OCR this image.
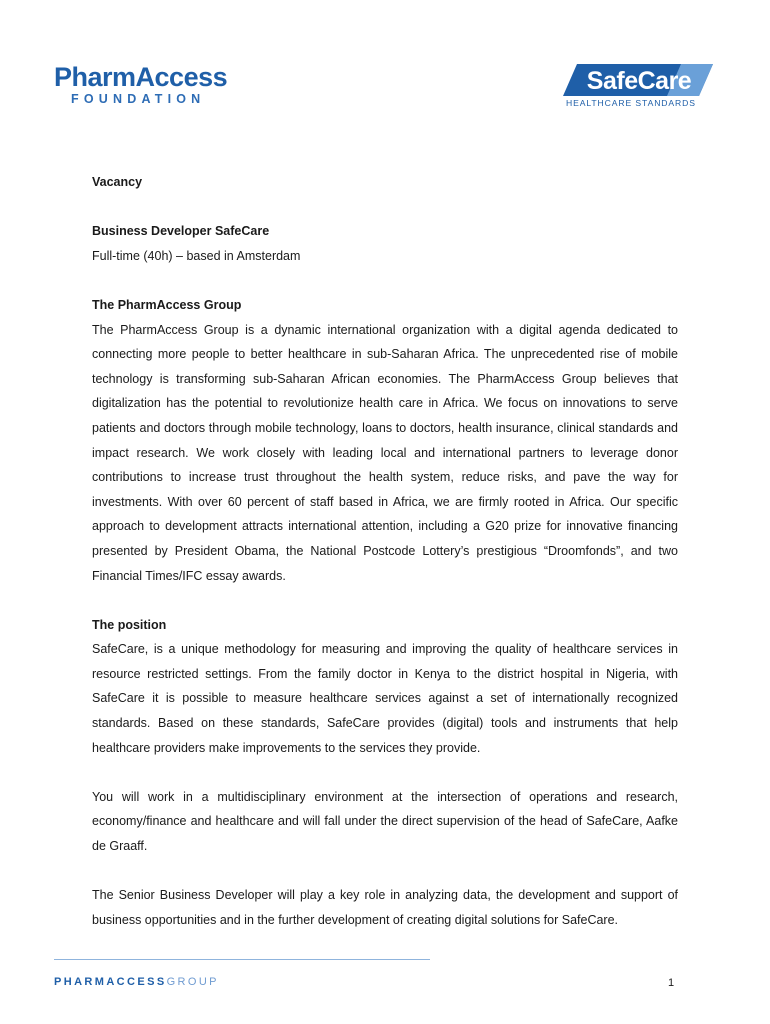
PharmAccess
FOUNDATION
SafeCare
HEALTHCARE STANDARDS

Vacancy

Business Developer SafeCare

Full-time (40h) – based in Amsterdam

The PharmAccess Group

The PharmAccess Group is a dynamic international organization with a digital agenda dedicated to connecting more people to better healthcare in sub-Saharan Africa. The unprecedented rise of mobile technology is transforming sub-Saharan African economies. The PharmAccess Group believes that digitalization has the potential to revolutionize health care in Africa. We focus on innovations to serve patients and doctors through mobile technology, loans to doctors, health insurance, clinical standards and impact research. We work closely with leading local and international partners to leverage donor contributions to increase trust throughout the health system, reduce risks, and pave the way for investments. With over 60 percent of staff based in Africa, we are firmly rooted in Africa. Our specific approach to development attracts international attention, including a G20 prize for innovative financing presented by President Obama, the National Postcode Lottery’s prestigious “Droomfonds”, and two Financial Times/IFC essay awards.

The position

SafeCare, is a unique methodology for measuring and improving the quality of healthcare services in resource restricted settings. From the family doctor in Kenya to the district hospital in Nigeria, with SafeCare it is possible to measure healthcare services against a set of internationally recognized standards. Based on these standards, SafeCare provides (digital) tools and instruments that help healthcare providers make improvements to the services they provide.

You will work in a multidisciplinary environment at the intersection of operations and research, economy/finance and healthcare and will fall under the direct supervision of the head of SafeCare, Aafke de Graaff.

The Senior Business Developer will play a key role in analyzing data, the development and support of business opportunities and in the further development of creating digital solutions for SafeCare.

PHARMACCESSGROUP	1
